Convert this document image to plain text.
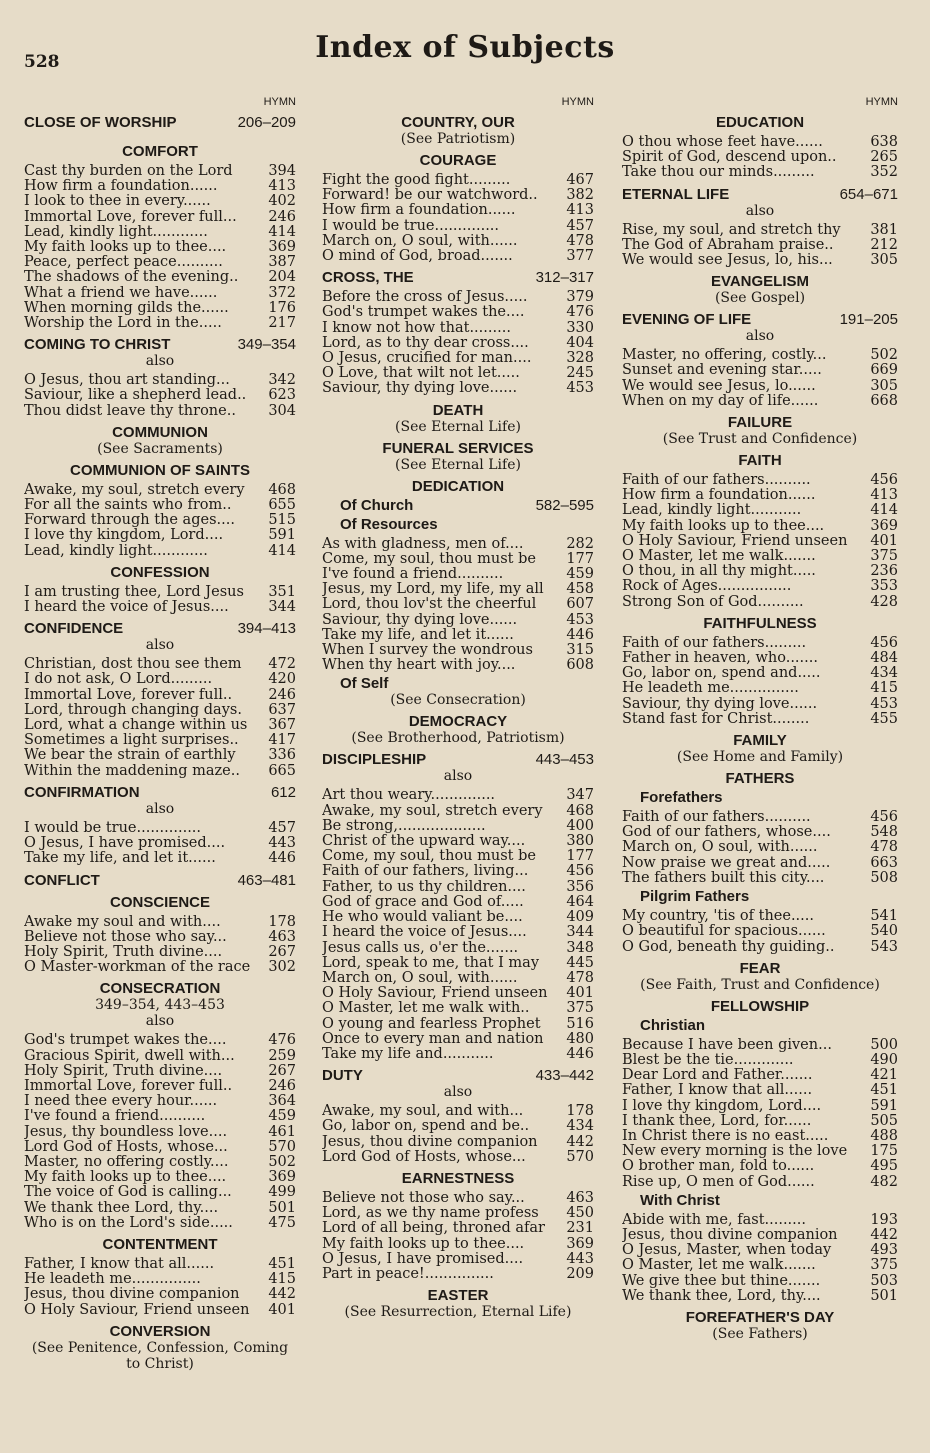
528	Index of Subjects
HYMN
CLOSE OF WORSHIP	206–209
COMFORT
Cast thy burden on the Lord	394
How firm a foundation......	413
I look to thee in every......	402
Immortal Love, forever full...	246
Lead, kindly light............	414
My faith looks up to thee....	369
Peace, perfect peace..........	387
The shadows of the evening..	204
What a friend we have......	372
When morning gilds the......	176
Worship the Lord in the.....	217
COMING TO CHRIST	349–354
also
O Jesus, thou art standing...	342
Saviour, like a shepherd lead..	623
Thou didst leave thy throne..	304
COMMUNION
(See Sacraments)
COMMUNION OF SAINTS
Awake, my soul, stretch every	468
For all the saints who from..	655
Forward through the ages....	515
I love thy kingdom, Lord....	591
Lead, kindly light............	414
CONFESSION
I am trusting thee, Lord Jesus	351
I heard the voice of Jesus....	344
CONFIDENCE	394–413
also
Christian, dost thou see them	472
I do not ask, O Lord.........	420
Immortal Love, forever full..	246
Lord, through changing days.	637
Lord, what a change within us	367
Sometimes a light surprises..	417
We bear the strain of earthly	336
Within the maddening maze..	665
CONFIRMATION	612
also
I would be true..............	457
O Jesus, I have promised....	443
Take my life, and let it......	446
CONFLICT	463–481
CONSCIENCE
Awake my soul and with....	178
Believe not those who say...	463
Holy Spirit, Truth divine....	267
O Master-workman of the race	302
CONSECRATION
349–354, 443–453
also
God's trumpet wakes the....	476
Gracious Spirit, dwell with...	259
Holy Spirit, Truth divine....	267
Immortal Love, forever full..	246
I need thee every hour......	364
I've found a friend..........	459
Jesus, thy boundless love....	461
Lord God of Hosts, whose...	570
Master, no offering costly....	502
My faith looks up to thee....	369
The voice of God is calling...	499
We thank thee Lord, thy....	501
Who is on the Lord's side.....	475
CONTENTMENT
Father, I know that all......	451
He leadeth me...............	415
Jesus, thou divine companion	442
O Holy Saviour, Friend unseen	401
CONVERSION
(See Penitence, Confession, Coming to Christ)
HYMN
COUNTRY, OUR
(See Patriotism)
COURAGE
Fight the good fight.........	467
Forward! be our watchword..	382
How firm a foundation......	413
I would be true..............	457
March on, O soul, with......	478
O mind of God, broad.......	377
CROSS, THE	312–317
Before the cross of Jesus.....	379
God's trumpet wakes the....	476
I know not how that.........	330
Lord, as to thy dear cross....	404
O Jesus, crucified for man....	328
O Love, that wilt not let.....	245
Saviour, thy dying love......	453
DEATH
(See Eternal Life)
FUNERAL SERVICES
(See Eternal Life)
DEDICATION
Of Church	582–595
Of Resources
As with gladness, men of....	282
Come, my soul, thou must be	177
I've found a friend..........	459
Jesus, my Lord, my life, my all	458
Lord, thou lov'st the cheerful	607
Saviour, thy dying love......	453
Take my life, and let it......	446
When I survey the wondrous	315
When thy heart with joy....	608
Of Self
(See Consecration)
DEMOCRACY
(See Brotherhood, Patriotism)
DISCIPLESHIP	443–453
also
Art thou weary..............	347
Awake, my soul, stretch every	468
Be strong,...................	400
Christ of the upward way....	380
Come, my soul, thou must be	177
Faith of our fathers, living...	456
Father, to us thy children....	356
God of grace and God of.....	464
He who would valiant be....	409
I heard the voice of Jesus....	344
Jesus calls us, o'er the.......	348
Lord, speak to me, that I may	445
March on, O soul, with......	478
O Holy Saviour, Friend unseen	401
O Master, let me walk with..	375
O young and fearless Prophet	516
Once to every man and nation	480
Take my life and...........	446
DUTY	433–442
also
Awake, my soul, and with...	178
Go, labor on, spend and be..	434
Jesus, thou divine companion	442
Lord God of Hosts, whose...	570
EARNESTNESS
Believe not those who say...	463
Lord, as we thy name profess	450
Lord of all being, throned afar	231
My faith looks up to thee....	369
O Jesus, I have promised....	443
Part in peace!...............	209
EASTER
(See Resurrection, Eternal Life)
HYMN
EDUCATION
O thou whose feet have......	638
Spirit of God, descend upon..	265
Take thou our minds.........	352
ETERNAL LIFE	654–671
also
Rise, my soul, and stretch thy	381
The God of Abraham praise..	212
We would see Jesus, lo, his...	305
EVANGELISM
(See Gospel)
EVENING OF LIFE	191–205
also
Master, no offering, costly...	502
Sunset and evening star.....	669
We would see Jesus, lo......	305
When on my day of life......	668
FAILURE
(See Trust and Confidence)
FAITH
Faith of our fathers..........	456
How firm a foundation......	413
Lead, kindly light...........	414
My faith looks up to thee....	369
O Holy Saviour, Friend unseen	401
O Master, let me walk.......	375
O thou, in all thy might.....	236
Rock of Ages................	353
Strong Son of God..........	428
FAITHFULNESS
Faith of our fathers.........	456
Father in heaven, who.......	484
Go, labor on, spend and.....	434
He leadeth me...............	415
Saviour, thy dying love......	453
Stand fast for Christ........	455
FAMILY
(See Home and Family)
FATHERS
Forefathers
Faith of our fathers..........	456
God of our fathers, whose....	548
March on, O soul, with......	478
Now praise we great and.....	663
The fathers built this city....	508
Pilgrim Fathers
My country, 'tis of thee.....	541
O beautiful for spacious......	540
O God, beneath thy guiding..	543
FEAR
(See Faith, Trust and Confidence)
FELLOWSHIP
Christian
Because I have been given...	500
Blest be the tie.............	490
Dear Lord and Father.......	421
Father, I know that all......	451
I love thy kingdom, Lord....	591
I thank thee, Lord, for......	505
In Christ there is no east.....	488
New every morning is the love	175
O brother man, fold to......	495
Rise up, O men of God......	482
With Christ
Abide with me, fast.........	193
Jesus, thou divine companion	442
O Jesus, Master, when today	493
O Master, let me walk.......	375
We give thee but thine.......	503
We thank thee, Lord, thy....	501
FOREFATHER'S DAY
(See Fathers)
